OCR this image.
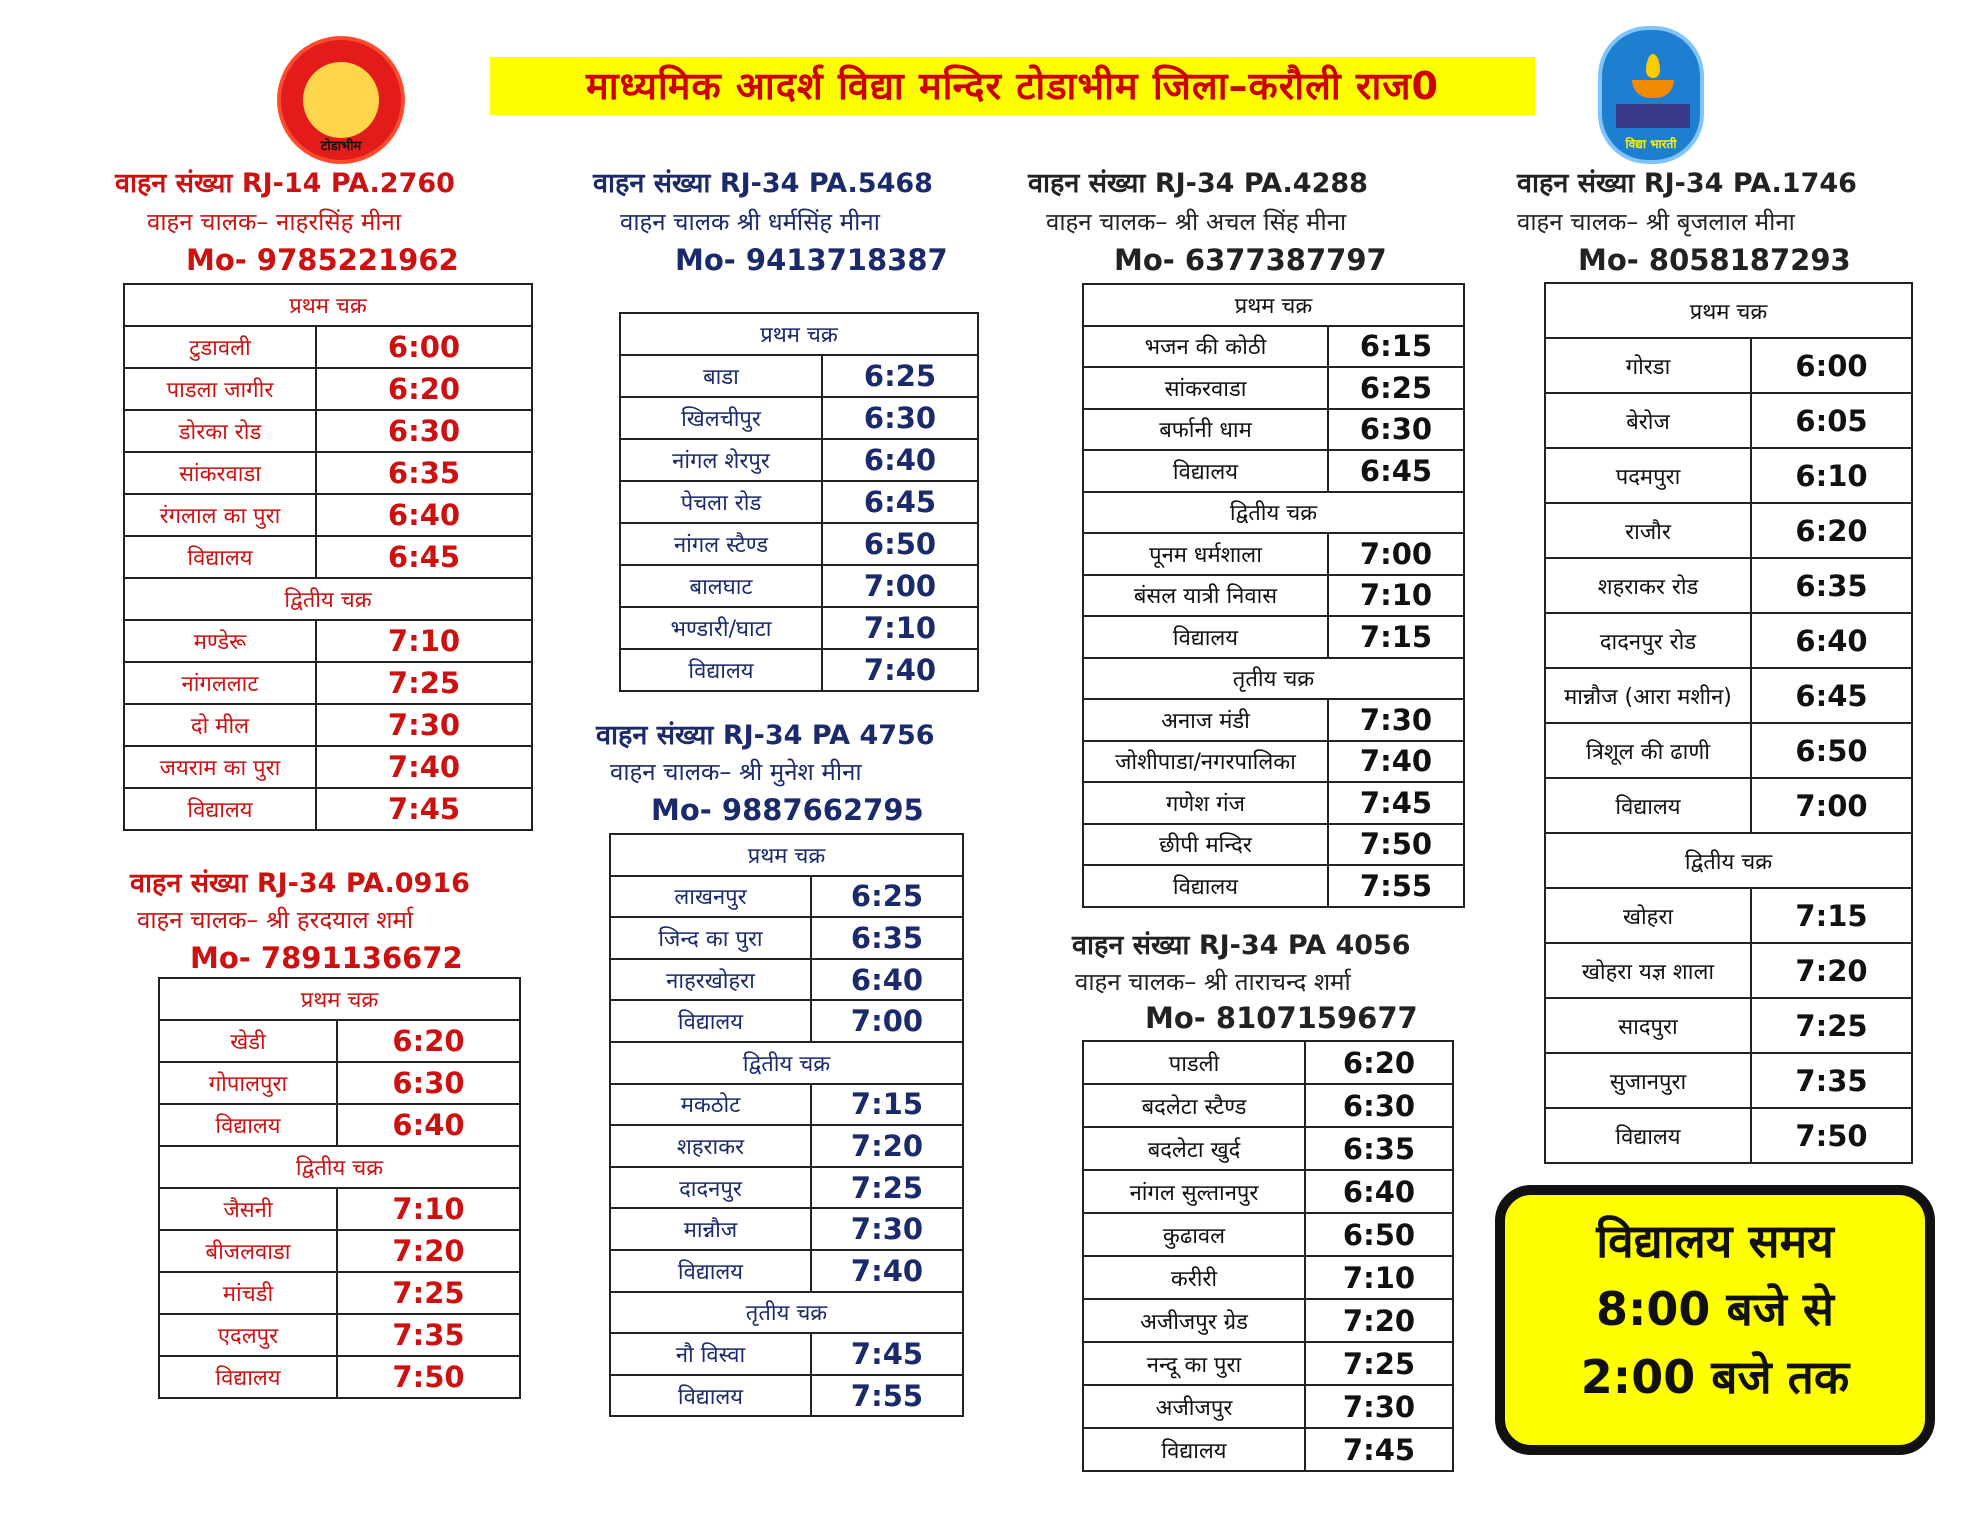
टोडाभीम
माध्यमिक आदर्श विद्या मन्दिर टोडाभीम जिला–करौली राज0
विद्या भारती
वाहन संख्या RJ-14 PA.2760
वाहन चालक– नाहरसिंह मीना
Mo- 9785221962
प्रथम चक्र	
टुडावली	6:00
पाडला जागीर	6:20
डोरका रोड	6:30
सांकरवाडा	6:35
रंगलाल का पुरा	6:40
विद्यालय	6:45
द्वितीय चक्र	
मण्डेरू	7:10
नांगललाट	7:25
दो मील	7:30
जयराम का पुरा	7:40
विद्यालय	7:45
वाहन संख्या RJ-34 PA.0916
वाहन चालक– श्री हरदयाल शर्मा
Mo- 7891136672
प्रथम चक्र	
खेडी	6:20
गोपालपुरा	6:30
विद्यालय	6:40
द्वितीय चक्र	
जैसनी	7:10
बीजलवाडा	7:20
मांचडी	7:25
एदलपुर	7:35
विद्यालय	7:50
वाहन संख्या RJ-34 PA.5468
वाहन चालक श्री धर्मसिंह मीना
Mo- 9413718387
प्रथम चक्र	
बाडा	6:25
खिलचीपुर	6:30
नांगल शेरपुर	6:40
पेचला रोड	6:45
नांगल स्टैण्ड	6:50
बालघाट	7:00
भण्डारी/घाटा	7:10
विद्यालय	7:40
वाहन संख्या RJ-34 PA 4756
वाहन चालक– श्री मुनेश मीना
Mo- 9887662795
प्रथम चक्र	
लाखनपुर	6:25
जिन्द का पुरा	6:35
नाहरखोहरा	6:40
विद्यालय	7:00
द्वितीय चक्र	
मकठोट	7:15
शहराकर	7:20
दादनपुर	7:25
मान्नौज	7:30
विद्यालय	7:40
तृतीय चक्र	
नौ विस्वा	7:45
विद्यालय	7:55
वाहन संख्या RJ-34 PA.4288
वाहन चालक– श्री अचल सिंह मीना
Mo- 6377387797
प्रथम चक्र	
भजन की कोठी	6:15
सांकरवाडा	6:25
बर्फानी धाम	6:30
विद्यालय	6:45
द्वितीय चक्र	
पूनम धर्मशाला	7:00
बंसल यात्री निवास	7:10
विद्यालय	7:15
तृतीय चक्र	
अनाज मंडी	7:30
जोशीपाडा/नगरपालिका	7:40
गणेश गंज	7:45
छीपी मन्दिर	7:50
विद्यालय	7:55
वाहन संख्या RJ-34 PA 4056
वाहन चालक– श्री ताराचन्द शर्मा
Mo- 8107159677
पाडली	6:20
बदलेटा स्टैण्ड	6:30
बदलेटा खुर्द	6:35
नांगल सुल्तानपुर	6:40
कुढावल	6:50
करीरी	7:10
अजीजपुर ग्रेड	7:20
नन्दू का पुरा	7:25
अजीजपुर	7:30
विद्यालय	7:45
वाहन संख्या RJ-34 PA.1746
वाहन चालक– श्री बृजलाल मीना
Mo- 8058187293
प्रथम चक्र	
गोरडा	6:00
बेरोज	6:05
पदमपुरा	6:10
राजौर	6:20
शहराकर रोड	6:35
दादनपुर रोड	6:40
मान्नौज (आरा मशीन)	6:45
त्रिशूल की ढाणी	6:50
विद्यालय	7:00
द्वितीय चक्र	
खोहरा	7:15
खोहरा यज्ञ शाला	7:20
सादपुरा	7:25
सुजानपुरा	7:35
विद्यालय	7:50
विद्यालय समय
8:00 बजे से
2:00 बजे तक
